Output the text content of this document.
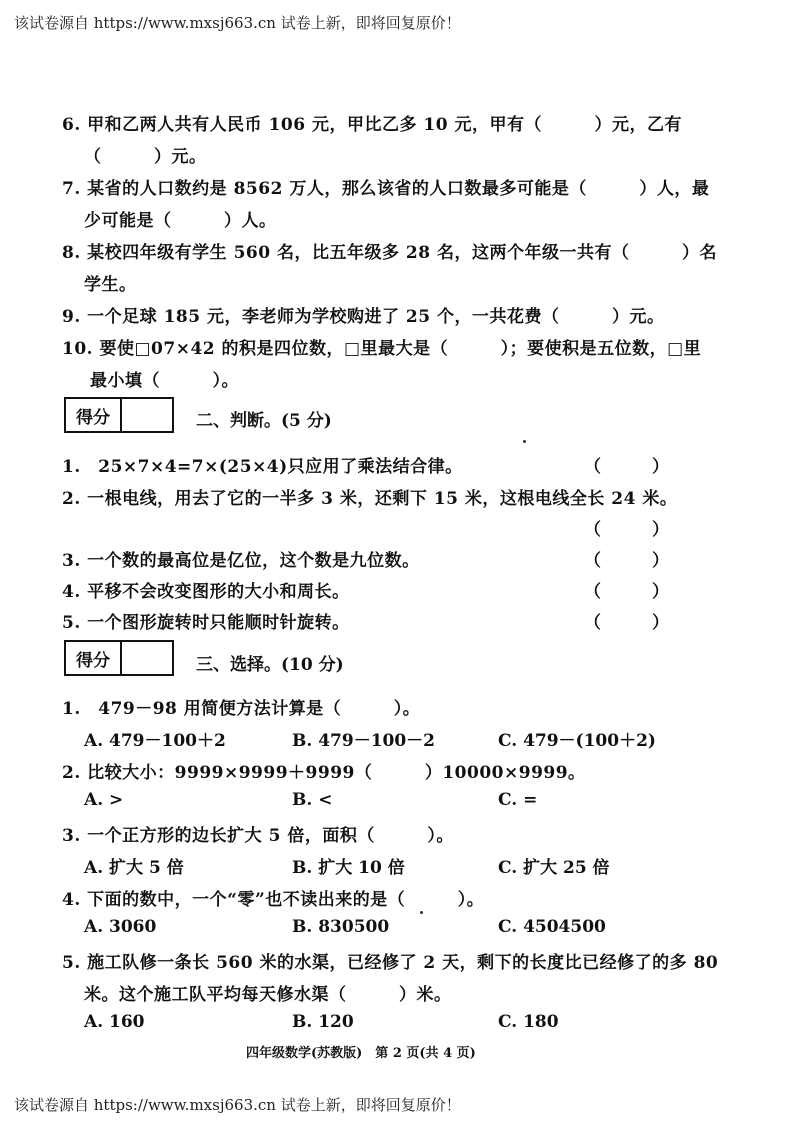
该试卷源自 https://www.mxsj663.cn 试卷上新，即将回复原价！
6. 甲和乙两人共有人民币 106 元，甲比乙多 10 元，甲有（　　　）元，乙有
（　　　）元。
7. 某省的人口数约是 8562 万人，那么该省的人口数最多可能是（　　　）人，最
少可能是（　　　）人。
8. 某校四年级有学生 560 名，比五年级多 28 名，这两个年级一共有（　　　）名
学生。
9. 一个足球 185 元，李老师为学校购进了 25 个，一共花费（　　　）元。
10. 要使□07×42 的积是四位数，□里最大是（　　　）；要使积是五位数，□里
最小填（　　　）。
得分	二、判断。(5 分)
1.　25×7×4=7×(25×4)只应用了乘法结合律。	（　　　）
2. 一根电线，用去了它的一半多 3 米，还剩下 15 米，这根电线全长 24 米。
（　　　）
3. 一个数的最高位是亿位，这个数是九位数。	（　　　）
4. 平移不会改变图形的大小和周长。	（　　　）
5. 一个图形旋转时只能顺时针旋转。	（　　　）
得分	三、选择。(10 分)
1.　479－98 用简便方法计算是（　　　）。
A. 479－100＋2	B. 479－100－2	C. 479－(100＋2)
2. 比较大小：9999×9999＋9999（　　　）10000×9999。
A. >	B. <	C. =
3. 一个正方形的边长扩大 5 倍，面积（　　　）。
A. 扩大 5 倍	B. 扩大 10 倍	C. 扩大 25 倍
4. 下面的数中，一个“零”也不读出来的是（　　　）。
A. 3060	B. 830500	C. 4504500
5. 施工队修一条长 560 米的水渠，已经修了 2 天，剩下的长度比已经修了的多 80
米。这个施工队平均每天修水渠（　　　）米。
A. 160	B. 120	C. 180
四年级数学(苏教版)　第 2 页(共 4 页)
该试卷源自 https://www.mxsj663.cn 试卷上新，即将回复原价！
